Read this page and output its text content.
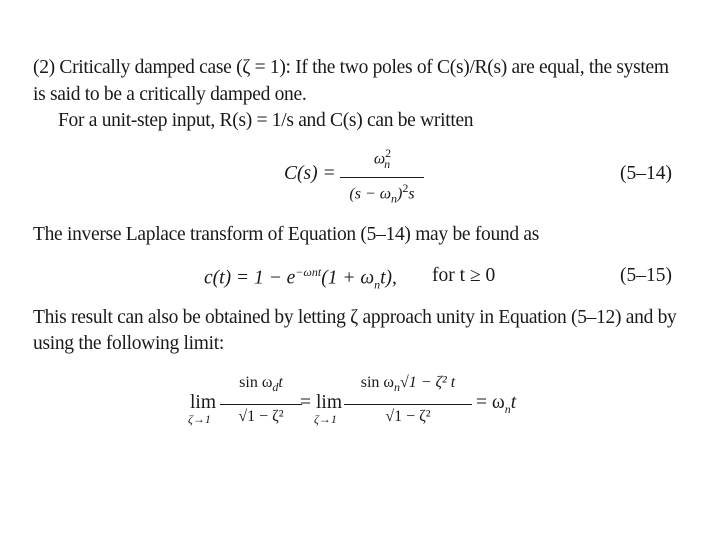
(2) Critically damped case (ζ = 1): If the two poles of C(s)/R(s) are equal, the system
is said to be a critically damped one.
For a unit-step input, R(s) = 1/s and C(s) can be written
C(s) =
$\omega^2_n$
$(s - \omega_n)^2s$
(5–14)
The inverse Laplace transform of Equation (5–14) may be found as
$c(t) = 1 - e^{-\omega nt}(1 + \omega_nt)$, for t ≥ 0	(5–15)
This result can also be obtained by letting ζ approach unity in Equation (5–12) and by
using the following limit:
lim
ζ→1
$\sin \omega_dt$
√1 − ζ²
= lim
ζ→1
$\sin \omega_n√1 - \zeta^2$ t
√1 − ζ²
= $\omega_nt$
